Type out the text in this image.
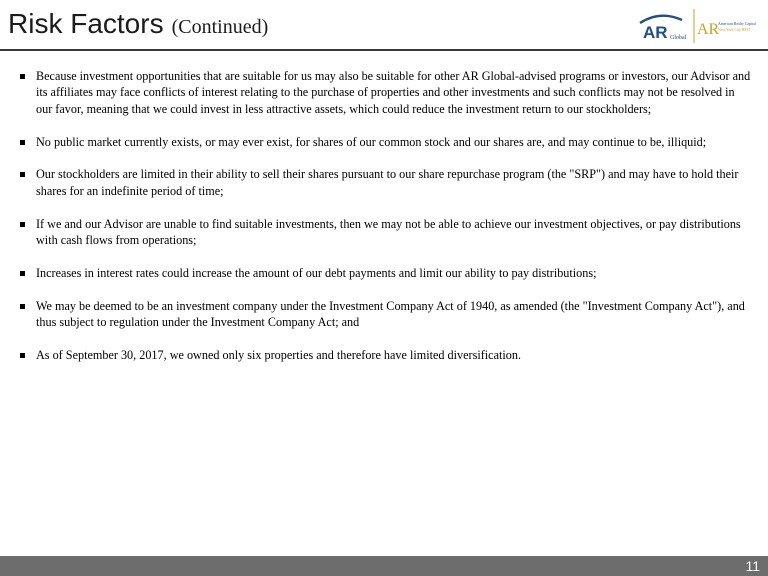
Risk Factors (Continued)	AR Global AR
American Realty Capital
New York City REIT
Because investment opportunities that are suitable for us may also be suitable for other AR Global-advised programs or investors, our Advisor and its affiliates may face conflicts of interest relating to the purchase of properties and other investments and such conflicts may not be resolved in our favor, meaning that we could invest in less attractive assets, which could reduce the investment return to our stockholders;
No public market currently exists, or may ever exist, for shares of our common stock and our shares are, and may continue to be, illiquid;
Our stockholders are limited in their ability to sell their shares pursuant to our share repurchase program (the "SRP") and may have to hold their shares for an indefinite period of time;
If we and our Advisor are unable to find suitable investments, then we may not be able to achieve our investment objectives, or pay distributions with cash flows from operations;
Increases in interest rates could increase the amount of our debt payments and limit our ability to pay distributions;
We may be deemed to be an investment company under the Investment Company Act of 1940, as amended (the "Investment Company Act"), and thus subject to regulation under the Investment Company Act; and
As of September 30, 2017, we owned only six properties and therefore have limited diversification.
11
